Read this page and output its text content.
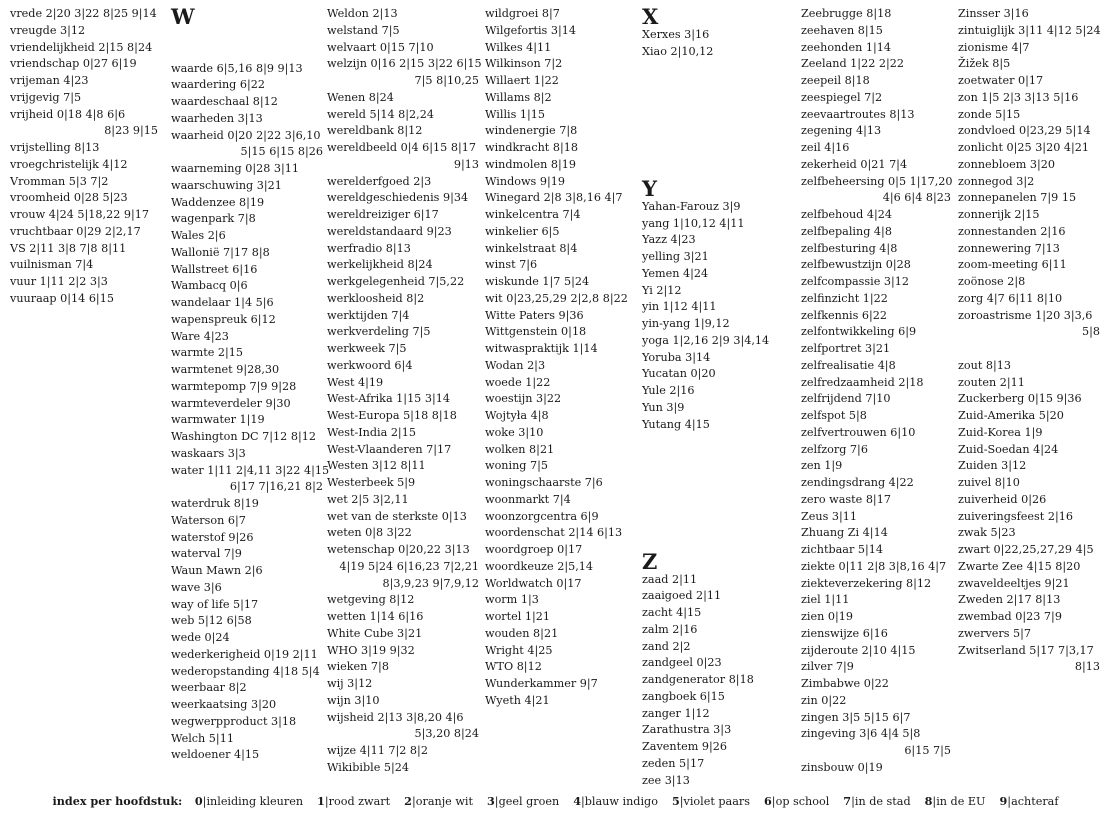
vrede 2|20 3|22 8|25 9|14
vreugde 3|12
vriendelijkheid 2|15 8|24
vriendschap 0|27 6|19
vrijeman 4|23
vrijgevig 7|5
vrijheid 0|18 4|8 6|6
8|23 9|15
vrijstelling 8|13
vroegchristelijk 4|12
Vromman 5|3 7|2
vroomheid 0|28 5|23
vrouw 4|24 5|18,22 9|17
vruchtbaar 0|29 2|2,17
VS 2|11 3|8 7|8 8|11
vuilnisman 7|4
vuur 1|11 2|2 3|3
vuuraap 0|14 6|15
W

waarde 6|5,16 8|9 9|13
waardering 6|22
waardeschaal 8|12
waarheden 3|13
waarheid 0|20 2|22 3|6,10
5|15 6|15 8|26
waarneming 0|28 3|11
waarschuwing 3|21
Waddenzee 8|19
wagenpark 7|8
Wales 2|6
Wallonië 7|17 8|8
Wallstreet 6|16
Wambacq 0|6
wandelaar 1|4 5|6
wapenspreuk 6|12
Ware 4|23
warmte 2|15
warmtenet 9|28,30
warmtepomp 7|9 9|28
warmteverdeler 9|30
warmwater 1|19
Washington DC 7|12 8|12
waskaars 3|3
water 1|11 2|4,11 3|22 4|15
6|17 7|16,21 8|2
waterdruk 8|19
Waterson 6|7
waterstof 9|26
waterval 7|9
Waun Mawn 2|6
wave 3|6
way of life 5|17
web 5|12 6|58
wede 0|24
wederkerigheid 0|19 2|11
wederopstanding 4|18 5|4
weerbaar 8|2
weerkaatsing 3|20
wegwerpproduct 3|18
Welch 5|11
weldoener 4|15
Weldon 2|13
welstand 7|5
welvaart 0|15 7|10
welzijn 0|16 2|15 3|22 6|15
7|5 8|10,25
Wenen 8|24
wereld 5|14 8|2,24
wereldbank 8|12
wereldbeeld 0|4 6|15 8|17
9|13
werelderfgoed 2|3
wereldgeschiedenis 9|34
wereldreiziger 6|17
wereldstandaard 9|23
werfradio 8|13
werkelijkheid 8|24
werkgelegenheid 7|5,22
werkloosheid 8|2
werktijden 7|4
werkverdeling 7|5
werkweek 7|5
werkwoord 6|4
West 4|19
West-Afrika 1|15 3|14
West-Europa 5|18 8|18
West-India 2|15
West-Vlaanderen 7|17
Westen 3|12 8|11
Westerbeek 5|9
wet 2|5 3|2,11
wet van de sterkste 0|13
weten 0|8 3|22
wetenschap 0|20,22 3|13
4|19 5|24 6|16,23 7|2,21
8|3,9,23 9|7,9,12
wetgeving 8|12
wetten 1|14 6|16
White Cube 3|21
WHO 3|19 9|32
wieken 7|8
wij 3|12
wijn 3|10
wijsheid 2|13 3|8,20 4|6
5|3,20 8|24
wijze 4|11 7|2 8|2
Wikibible 5|24
wildgroei 8|7
Wilgefortis 3|14
Wilkes 4|11
Wilkinson 7|2
Willaert 1|22
Willams 8|2
Willis 1|15
windenergie 7|8
windkracht 8|18
windmolen 8|19
Windows 9|19
Winegard 2|8 3|8,16 4|7
winkelcentra 7|4
winkelier 6|5
winkelstraat 8|4
winst 7|6
wiskunde 1|7 5|24
wit 0|23,25,29 2|2,8 8|22
Witte Paters 9|36
Wittgenstein 0|18
witwaspraktijk 1|14
Wodan 2|3
woede 1|22
woestijn 3|22
Wojtyła 4|8
woke 3|10
wolken 8|21
woning 7|5
woningschaarste 7|6
woonmarkt 7|4
woonzorgcentra 6|9
woordenschat 2|14 6|13
woordgroep 0|17
woordkeuze 2|5,14
Worldwatch 0|17
worm 1|3
wortel 1|21
wouden 8|21
Wright 4|25
WTO 8|12
Wunderkammer 9|7
Wyeth 4|21
X
Xerxes 3|16
Xiao 2|10,12

Y
Yahan-Farouz 3|9
yang 1|10,12 4|11
Yazz 4|23
yelling 3|21
Yemen 4|24
Yi 2|12
yin 1|12 4|11
yin-yang 1|9,12
yoga 1|2,16 2|9 3|4,14
Yoruba 3|14
Yucatan 0|20
Yule 2|16
Yun 3|9
Yutang 4|15

Z
zaad 2|11
zaaigoed 2|11
zacht 4|15
zalm 2|16
zand 2|2
zandgeel 0|23
zandgenerator 8|18
zangboek 6|15
zanger 1|12
Zarathustra 3|3
Zaventem 9|26
zeden 5|17
zee 3|13
Zeebrugge 8|18
zeehaven 8|15
zeehonden 1|14
Zeeland 1|22 2|22
zeepeil 8|18
zeespiegel 7|2
zeevaartroutes 8|13
zegening 4|13
zeil 4|16
zekerheid 0|21 7|4
zelfbeheersing 0|5 1|17,20
4|6 6|4 8|23
zelfbehoud 4|24
zelfbepaling 4|8
zelfbesturing 4|8
zelfbewustzijn 0|28
zelfcompassie 3|12
zelfinzicht 1|22
zelfkennis 6|22
zelfontwikkeling 6|9
zelfportret 3|21
zelfrealisatie 4|8
zelfredzaamheid 2|18
zelfrijdend 7|10
zelfspot 5|8
zelfvertrouwen 6|10
zelfzorg 7|6
zen 1|9
zendingsdrang 4|22
zero waste 8|17
Zeus 3|11
Zhuang Zi 4|14
zichtbaar 5|14
ziekte 0|11 2|8 3|8,16 4|7
ziekteverzekering 8|12
ziel 1|11
zien 0|19
zienswijze 6|16
zijderoute 2|10 4|15
zilver 7|9
Zimbabwe 0|22
zin 0|22
zingen 3|5 5|15 6|7
zingeving 3|6 4|4 5|8
6|15 7|5
zinsbouw 0|19
Zinsser 3|16
zintuiglijk 3|11 4|12 5|24
zionisme 4|7
Žižek 8|5
zoetwater 0|17
zon 1|5 2|3 3|13 5|16
zonde 5|15
zondvloed 0|23,29 5|14
zonlicht 0|25 3|20 4|21
zonnebloem 3|20
zonnegod 3|2
zonnepanelen 7|9 15
zonnerijk 2|15
zonnestanden 2|16
zonnewering 7|13
zoom-meeting 6|11
zoönose 2|8
zorg 4|7 6|11 8|10
zoroastrisme 1|20 3|3,6
5|8

zout 8|13
zouten 2|11
Zuckerberg 0|15 9|36
Zuid-Amerika 5|20
Zuid-Korea 1|9
Zuid-Soedan 4|24
Zuiden 3|12
zuivel 8|10
zuiverheid 0|26
zuiveringsfeest 2|16
zwak 5|23
zwart 0|22,25,27,29 4|5
Zwarte Zee 4|15 8|20
zwaveldeeltjes 9|21
Zweden 2|17 8|13
zwembad 0|23 7|9
zwervers 5|7
Zwitserland 5|17 7|3,17
8|13
index per hoofdstuk: 0|inleiding kleuren 1|rood zwart 2|oranje wit 3|geel groen 4|blauw indigo 5|violet paars 6|op school 7|in de stad 8|in de EU 9|achteraf
